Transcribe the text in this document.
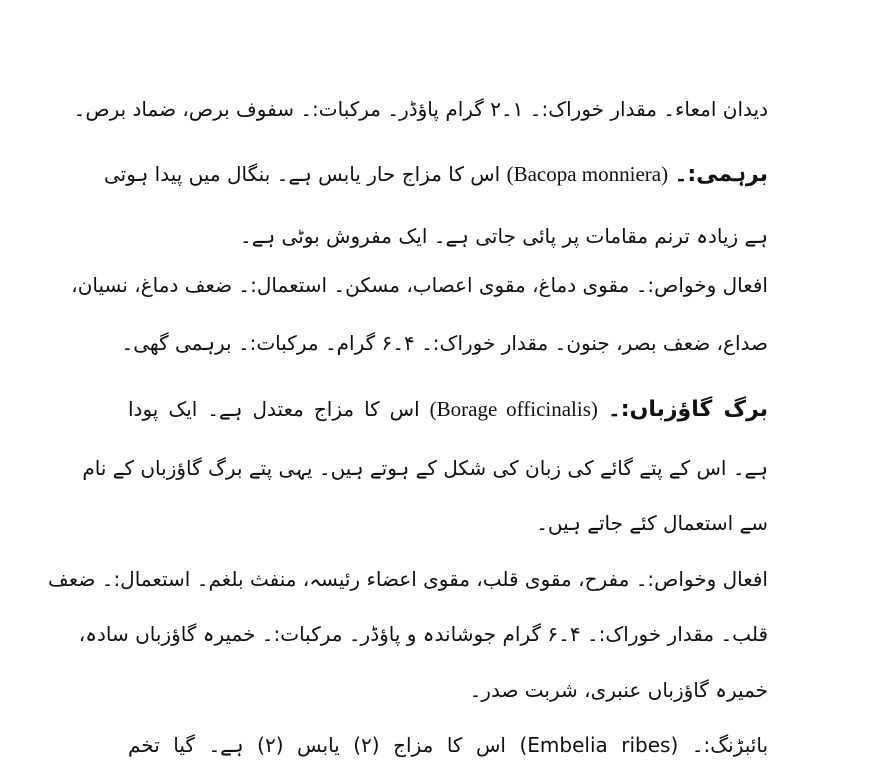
دیدان امعاء۔ مقدار خوراک:۔ ۱۔۲ گرام پاؤڈر۔ مرکبات:۔ سفوف برص، ضماد برص۔
برہمی:۔ (Bacopa monniera) اس کا مزاج حار یابس ہے۔ بنگال میں پیدا ہوتی
ہے زیادہ ترنم مقامات پر پائی جاتی ہے۔ ایک مفروش بوٹی ہے۔
افعال وخواص:۔ مقوی دماغ، مقوی اعصاب، مسکن۔ استعمال:۔ ضعف دماغ، نسیان،
صداع، ضعف بصر، جنون۔ مقدار خوراک:۔ ۴۔۶ گرام۔ مرکبات:۔ برہمی گھی۔
برگ گاؤزباں:۔ (Borage officinalis) اس کا مزاج معتدل ہے۔ ایک پودا
ہے۔ اس کے پتے گائے کی زبان کی شکل کے ہوتے ہیں۔ یہی پتے برگ گاؤزباں کے نام
سے استعمال کئے جاتے ہیں۔
افعال وخواص:۔ مفرح، مقوی قلب، مقوی اعضاء رئیسہ، منفث بلغم۔ استعمال:۔ ضعف
قلب۔ مقدار خوراک:۔ ۴۔۶ گرام جوشاندہ و پاؤڈر۔ مرکبات:۔ خمیرہ گاؤزباں سادہ،
خمیرہ گاؤزباں عنبری، شربت صدر۔
بائبڑنگ:۔ (Embelia ribes) اس کا مزاج (۲) یابس (۲) ہے۔ گیا تخم
